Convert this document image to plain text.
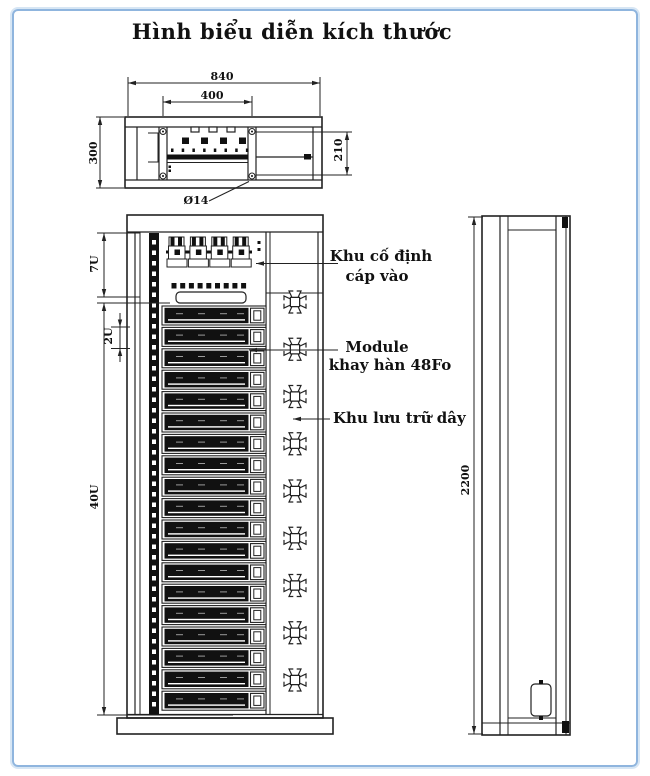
Hình biểu diễn kích thước
840
400
300	210
Ø14
7U
2U
40U
2200
Khu cố định
cáp vào
Module
khay hàn 48Fo
Khu lưu trữ dây
